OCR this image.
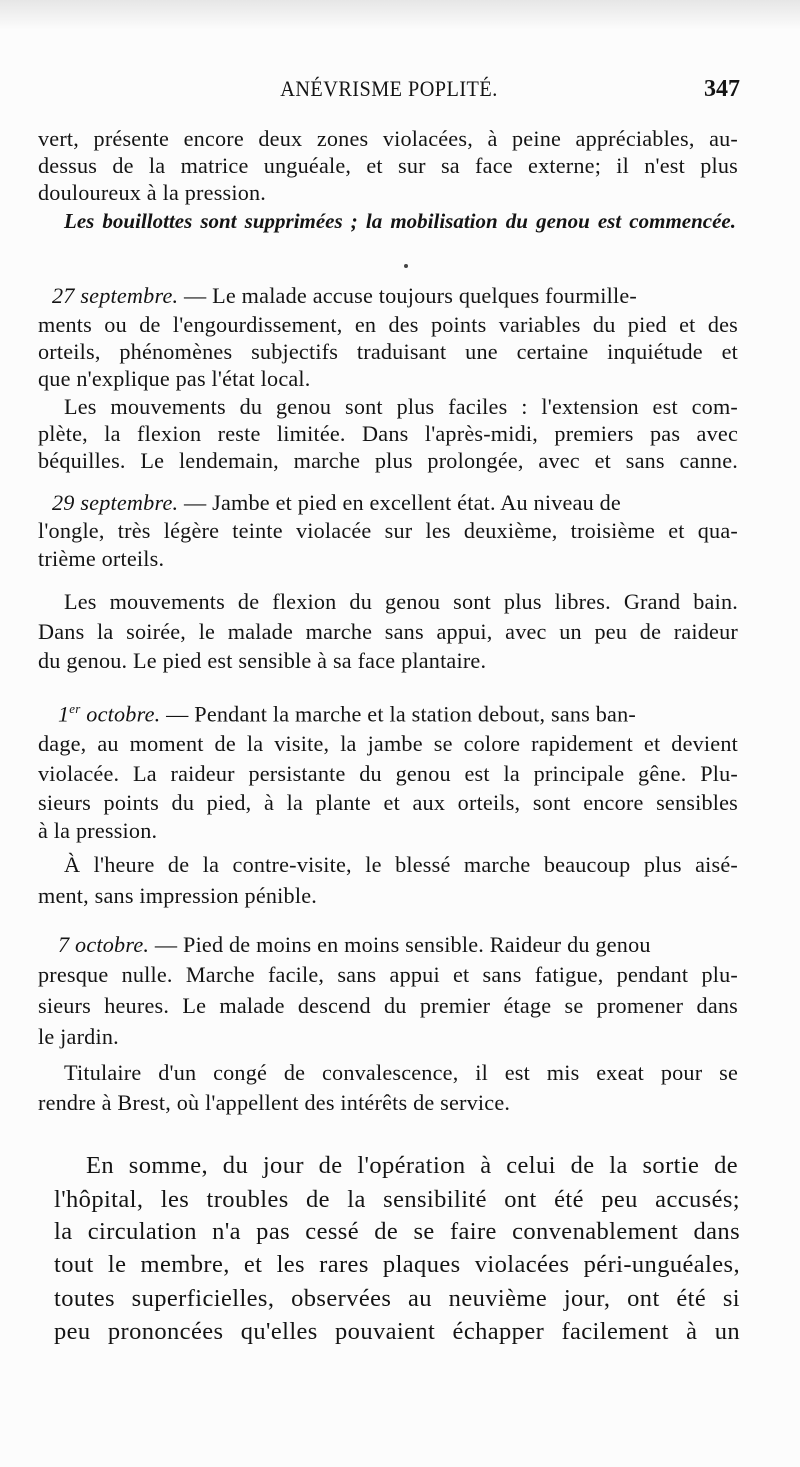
ANÉVRISME POPLITÉ.	347
vert, présente encore deux zones violacées, à peine appréciables, au-
dessus de la matrice unguéale, et sur sa face externe; il n'est plus
douloureux à la pression.
Les bouillottes sont supprimées ; la mobilisation du genou est commencée.
27 septembre. — Le malade accuse toujours quelques fourmille-
ments ou de l'engourdissement, en des points variables du pied et des
orteils, phénomènes subjectifs traduisant une certaine inquiétude et
que n'explique pas l'état local.
Les mouvements du genou sont plus faciles : l'extension est com-
plète, la flexion reste limitée. Dans l'après-midi, premiers pas avec
béquilles. Le lendemain, marche plus prolongée, avec et sans canne.
29 septembre. — Jambe et pied en excellent état. Au niveau de
l'ongle, très légère teinte violacée sur les deuxième, troisième et qua-
trième orteils.
Les mouvements de flexion du genou sont plus libres. Grand bain.
Dans la soirée, le malade marche sans appui, avec un peu de raideur
du genou. Le pied est sensible à sa face plantaire.
1er octobre. — Pendant la marche et la station debout, sans ban-
dage, au moment de la visite, la jambe se colore rapidement et devient
violacée. La raideur persistante du genou est la principale gêne. Plu-
sieurs points du pied, à la plante et aux orteils, sont encore sensibles
à la pression.
À l'heure de la contre-visite, le blessé marche beaucoup plus aisé-
ment, sans impression pénible.
7 octobre. — Pied de moins en moins sensible. Raideur du genou
presque nulle. Marche facile, sans appui et sans fatigue, pendant plu-
sieurs heures. Le malade descend du premier étage se promener dans
le jardin.
Titulaire d'un congé de convalescence, il est mis exeat pour se
rendre à Brest, où l'appellent des intérêts de service.
En somme, du jour de l'opération à celui de la sortie de
l'hôpital, les troubles de la sensibilité ont été peu accusés;
la circulation n'a pas cessé de se faire convenablement dans
tout le membre, et les rares plaques violacées péri-unguéales,
toutes superficielles, observées au neuvième jour, ont été si
peu prononcées qu'elles pouvaient échapper facilement à un
